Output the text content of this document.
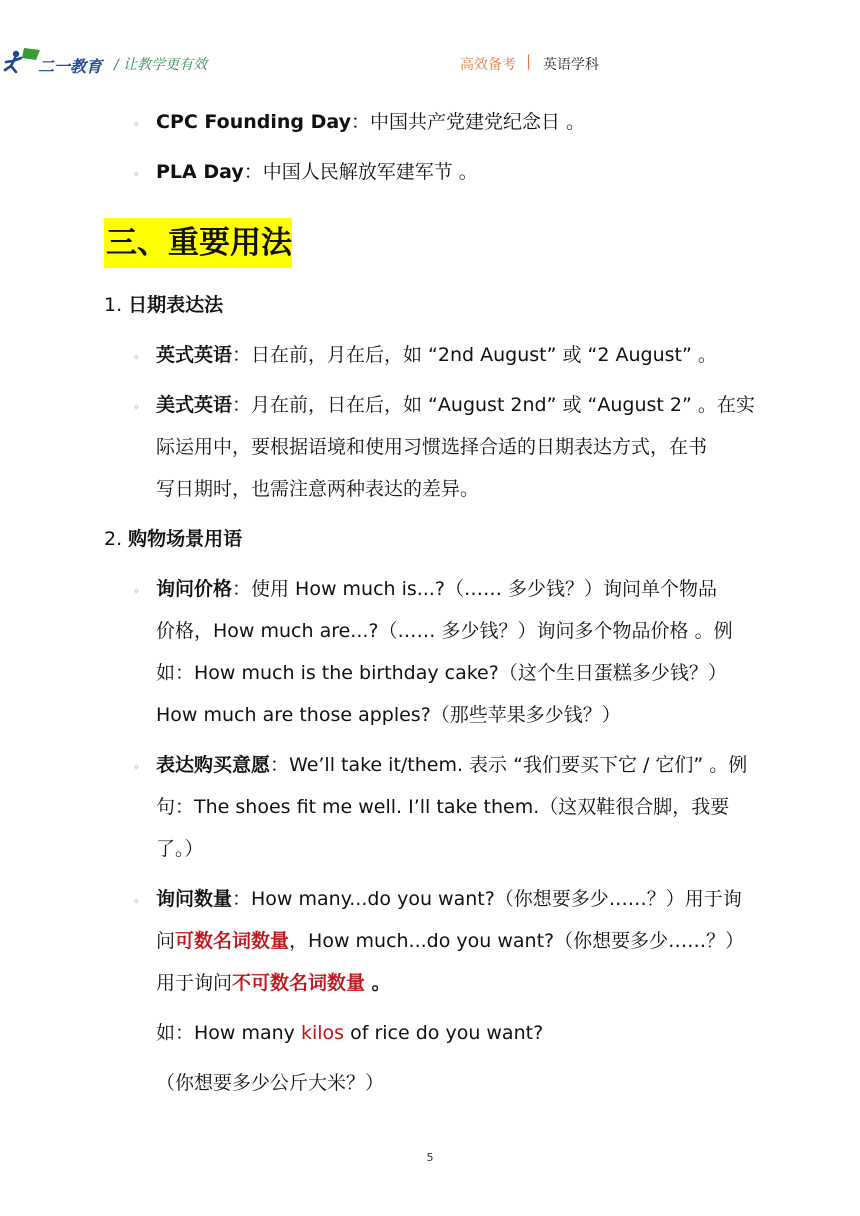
二一教育 / 让教学更有效	高效备考 | 英语学科
◦ CPC Founding Day：中国共产党建党纪念日 。
◦ PLA Day：中国人民解放军建军节 。
三、重要用法
1. 日期表达法
◦ 英式英语：日在前，月在后，如 “2nd August” 或 “2 August” 。
◦ 美式英语：月在前，日在后，如 “August 2nd” 或 “August 2” 。在实
际运用中，要根据语境和使用习惯选择合适的日期表达方式，在书
写日期时，也需注意两种表达的差异。
2. 购物场景用语
◦ 询问价格：使用 How much is...?（…… 多少钱？）询问单个物品
价格，How much are...?（…… 多少钱？）询问多个物品价格 。例
如：How much is the birthday cake?（这个生日蛋糕多少钱？）
How much are those apples?（那些苹果多少钱？）
◦ 表达购买意愿：We’ll take it/them. 表示 “我们要买下它 / 它们” 。例
句：The shoes fit me well. I’ll take them.（这双鞋很合脚，我要
了。）
◦ 询问数量：How many...do you want?（你想要多少……？）用于询
问可数名词数量，How much...do you want?（你想要多少……？）
用于询问不可数名词数量 。
如：How many kilos of rice do you want?
（你想要多少公斤大米？）
5
